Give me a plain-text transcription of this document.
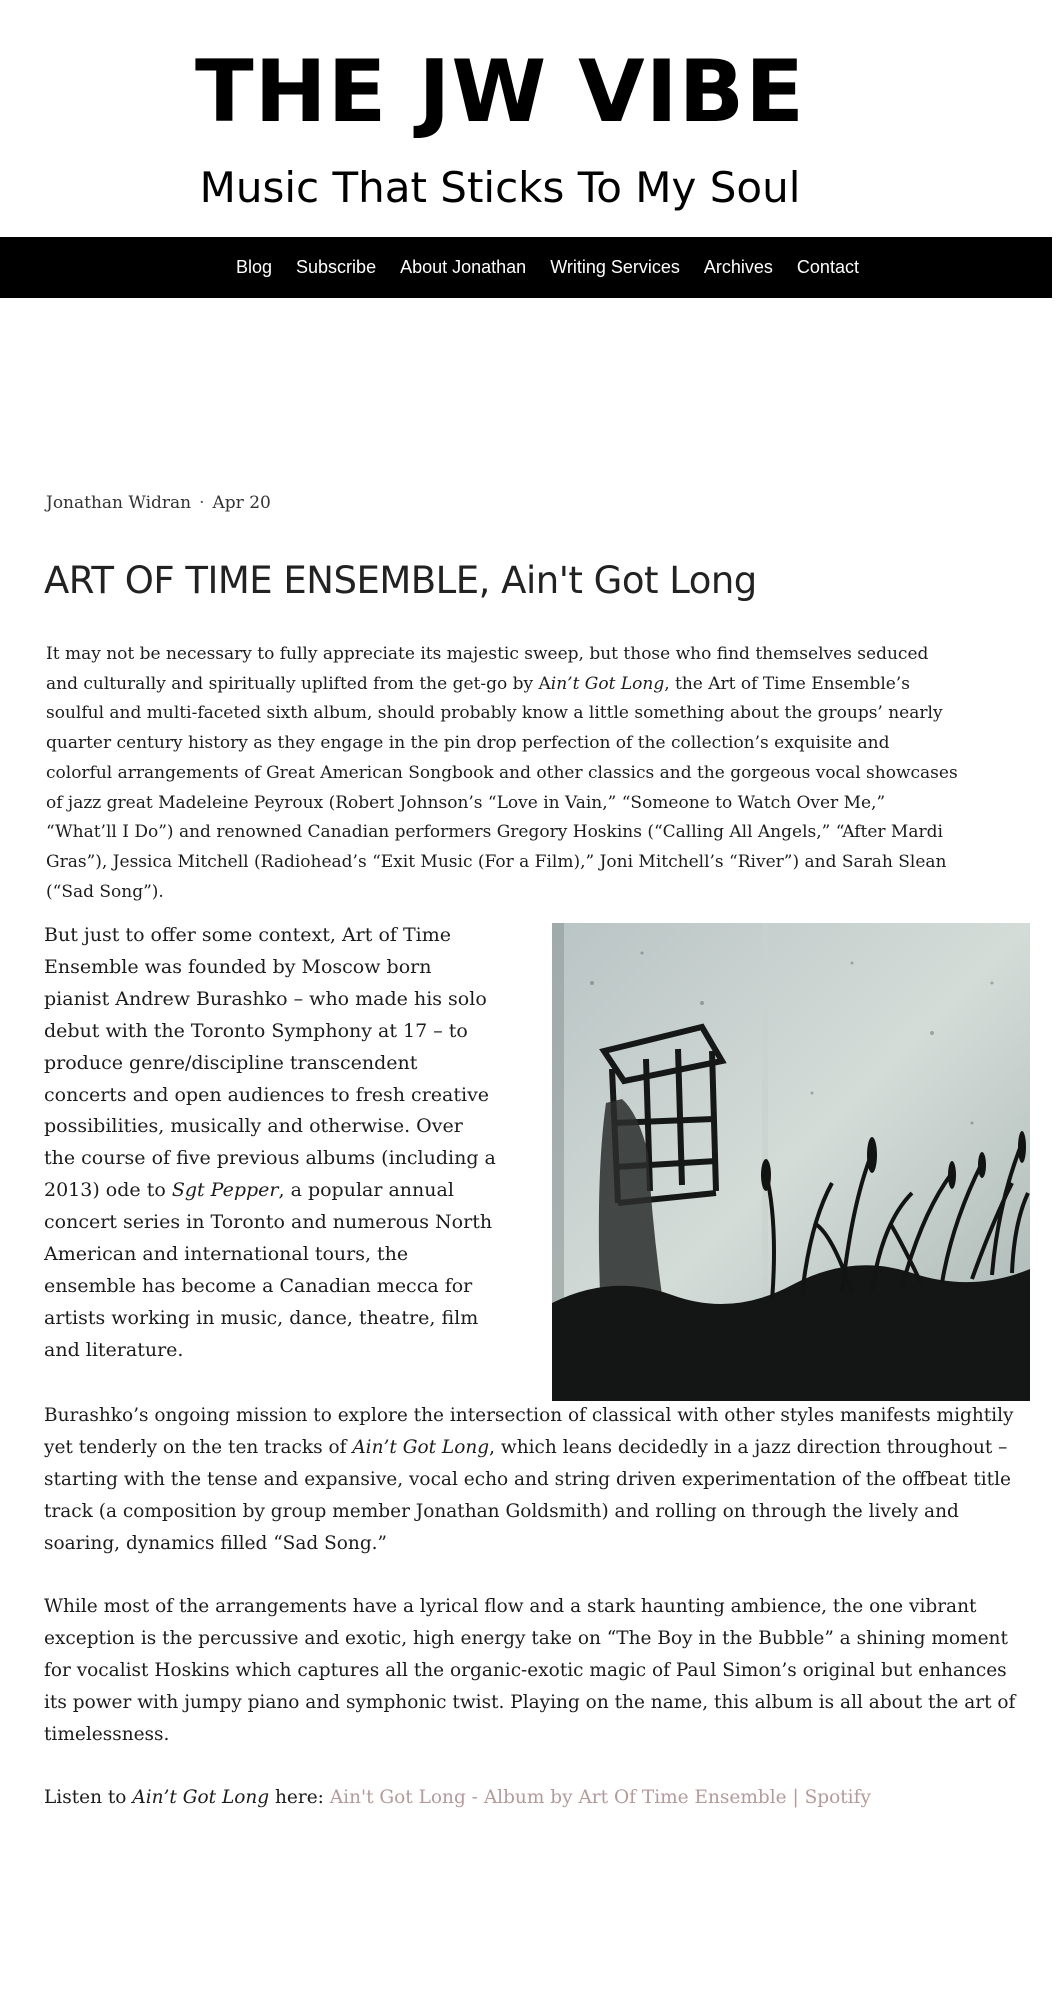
THE JW VIBE
Music That Sticks To My Soul
Blog Subscribe About Jonathan Writing Services Archives Contact
Jonathan Widran · Apr 20
ART OF TIME ENSEMBLE, Ain't Got Long

It may not be necessary to fully appreciate its majestic sweep, but those who find themselves seduced and culturally and spiritually uplifted from the get-go by Ain’t Got Long, the Art of Time Ensemble’s soulful and multi-faceted sixth album, should probably know a little something about the groups’ nearly quarter century history as they engage in the pin drop perfection of the collection’s exquisite and colorful arrangements of Great American Songbook and other classics and the gorgeous vocal showcases of jazz great Madeleine Peyroux (Robert Johnson’s “Love in Vain,” “Someone to Watch Over Me,” “What’ll I Do”) and renowned Canadian performers Gregory Hoskins (“Calling All Angels,” “After Mardi Gras”), Jessica Mitchell (Radiohead’s “Exit Music (For a Film),” Joni Mitchell’s “River”) and Sarah Slean (“Sad Song”).

But just to offer some context, Art of Time Ensemble was founded by Moscow born pianist Andrew Burashko – who made his solo debut with the Toronto Symphony at 17 – to produce genre/discipline transcendent concerts and open audiences to fresh creative possibilities, musically and otherwise. Over the course of five previous albums (including a 2013) ode to Sgt Pepper, a popular annual concert series in Toronto and numerous North American and international tours, the ensemble has become a Canadian mecca for artists working in music, dance, theatre, film and literature.

Burashko’s ongoing mission to explore the intersection of classical with other styles manifests mightily yet tenderly on the ten tracks of Ain’t Got Long, which leans decidedly in a jazz direction throughout – starting with the tense and expansive, vocal echo and string driven experimentation of the offbeat title track (a composition by group member Jonathan Goldsmith) and rolling on through the lively and soaring, dynamics filled “Sad Song.”

While most of the arrangements have a lyrical flow and a stark haunting ambience, the one vibrant exception is the percussive and exotic, high energy take on “The Boy in the Bubble” a shining moment for vocalist Hoskins which captures all the organic-exotic magic of Paul Simon’s original but enhances its power with jumpy piano and symphonic twist. Playing on the name, this album is all about the art of timelessness.

Listen to Ain’t Got Long here: Ain't Got Long - Album by Art Of Time Ensemble | Spotify
